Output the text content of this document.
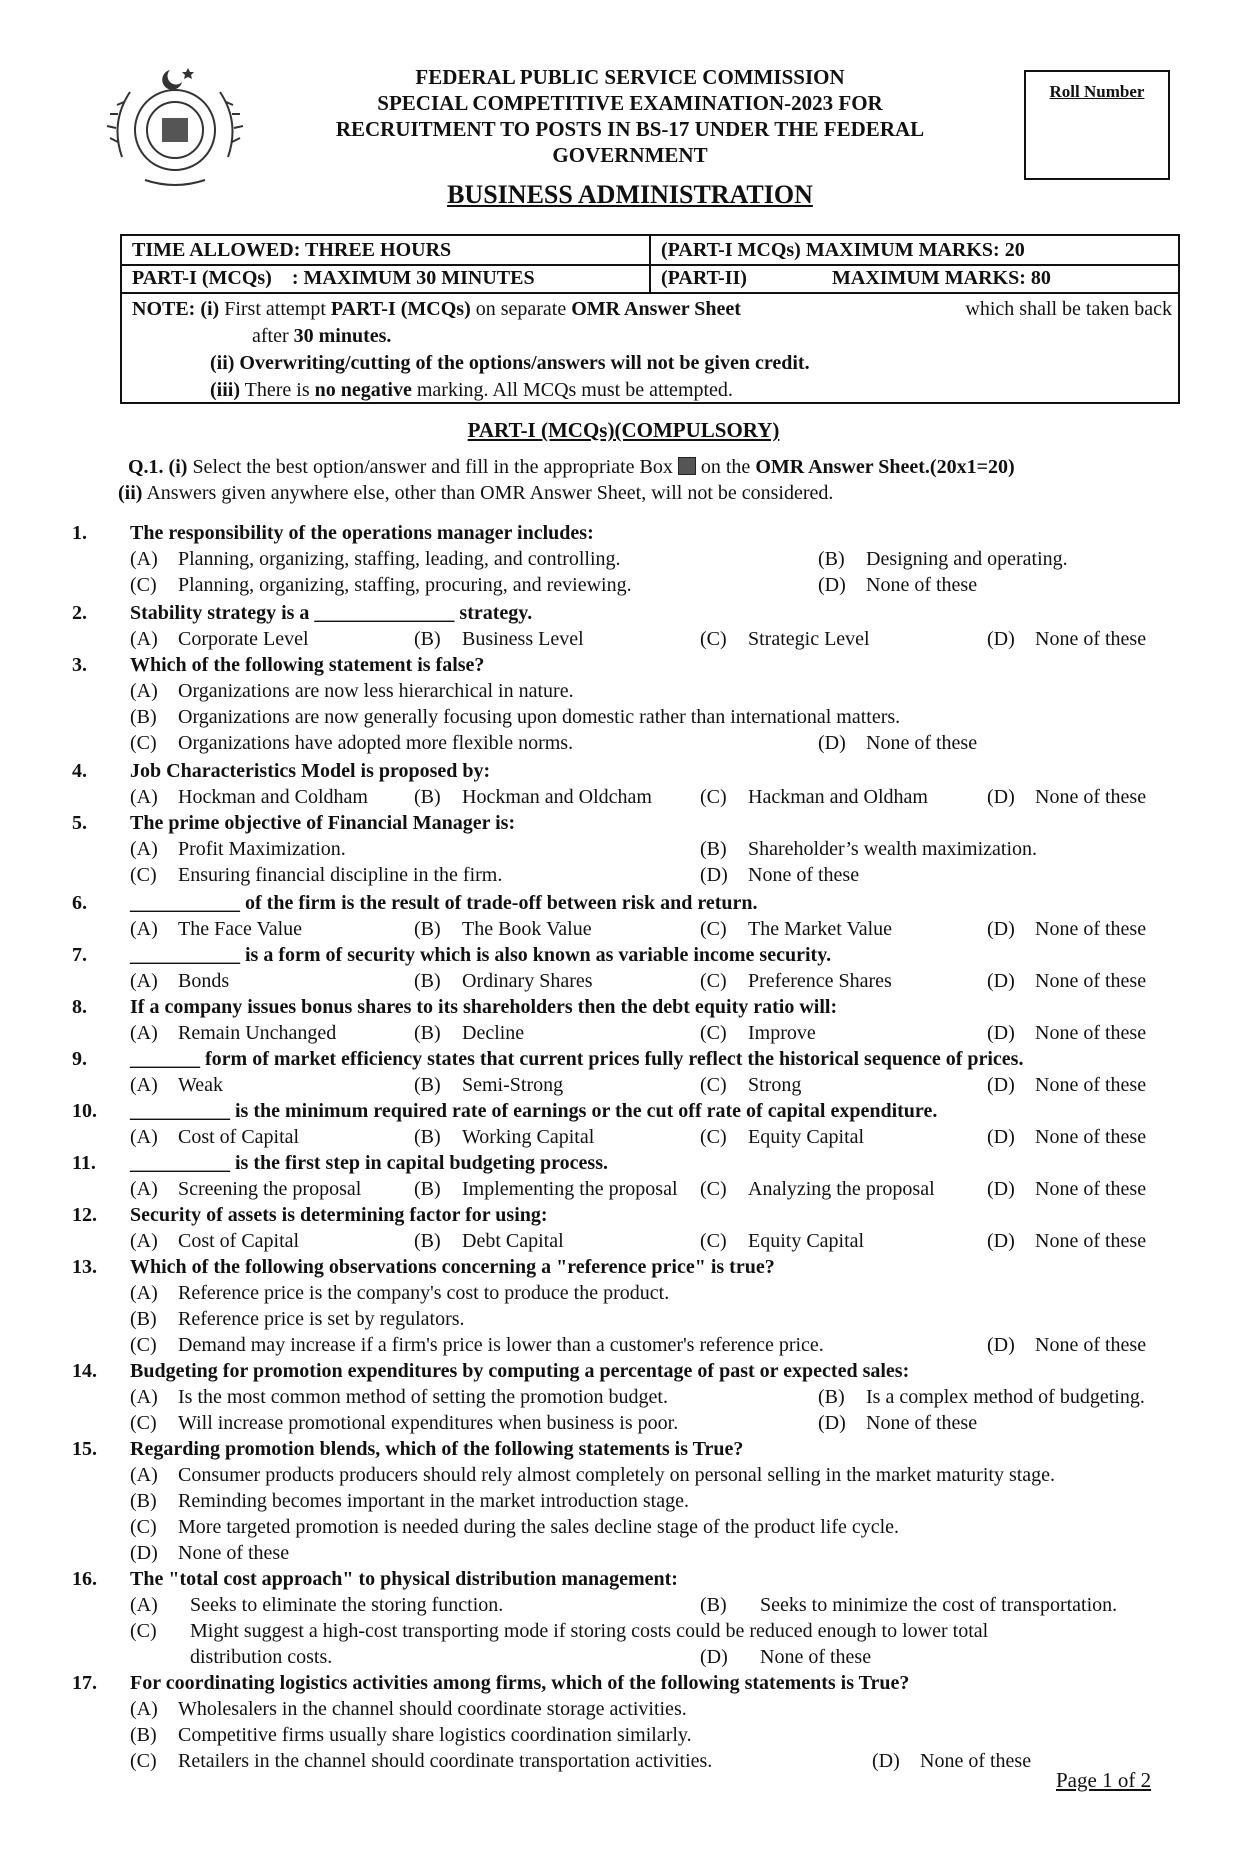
FEDERAL PUBLIC SERVICE COMMISSION
SPECIAL COMPETITIVE EXAMINATION-2023 FOR
RECRUITMENT TO POSTS IN BS-17 UNDER THE FEDERAL
GOVERNMENT
BUSINESS ADMINISTRATION
Roll Number
TIME ALLOWED: THREE HOURS	(PART-I MCQs) MAXIMUM MARKS: 20
PART-I (MCQs)    : MAXIMUM 30 MINUTES	(PART-II)	MAXIMUM MARKS: 80
NOTE: (i) First attempt PART-I (MCQs) on separate OMR Answer Sheet	which shall be taken back
after 30 minutes.
(ii) Overwriting/cutting of the options/answers will not be given credit.
(iii) There is no negative marking. All MCQs must be attempted.
PART-I (MCQs)(COMPULSORY)
Q.1. (i) Select the best option/answer and fill in the appropriate Box on the OMR Answer Sheet.(20x1=20)
(ii) Answers given anywhere else, other than OMR Answer Sheet, will not be considered.
1. The responsibility of the operations manager includes:
(A)	Planning, organizing, staffing, leading, and controlling.	(B)	Designing and operating.
(C)	Planning, organizing, staffing, procuring, and reviewing.	(D)	None of these
2. Stability strategy is a ______________ strategy.
(A)	Corporate Level	(B)	Business Level	(C)	Strategic Level	(D)	None of these
3. Which of the following statement is false?
(A)	Organizations are now less hierarchical in nature.
(B)	Organizations are now generally focusing upon domestic rather than international matters.
(C)	Organizations have adopted more flexible norms.	(D)	None of these
4. Job Characteristics Model is proposed by:
(A)	Hockman and Coldham (B)	Hockman and Oldcham (C)	Hackman and Oldham	(D)	None of these
5. The prime objective of Financial Manager is:
(A)	Profit Maximization.	(B)	Shareholder’s wealth maximization.
(C)	Ensuring financial discipline in the firm.	(D)	None of these
6. ___________ of the firm is the result of trade-off between risk and return.
(A)	The Face Value	(B)	The Book Value	(C)	The Market Value	(D)	None of these
7. ___________ is a form of security which is also known as variable income security.
(A)	Bonds	(B)	Ordinary Shares	(C)	Preference Shares	(D)	None of these
8. If a company issues bonus shares to its shareholders then the debt equity ratio will:
(A)	Remain Unchanged	(B)	Decline	(C)	Improve	(D)	None of these
9. _______ form of market efficiency states that current prices fully reflect the historical sequence of prices.
(A)	Weak	(B)	Semi-Strong	(C)	Strong	(D)	None of these
10. __________ is the minimum required rate of earnings or the cut off rate of capital expenditure.
(A)	Cost of Capital	(B)	Working Capital	(C)	Equity Capital	(D)	None of these
11. __________ is the first step in capital budgeting process.
(A)	Screening the proposal	(B)	Implementing the proposal (C)	Analyzing the proposal	(D)	None of these
12. Security of assets is determining factor for using:
(A)	Cost of Capital	(B)	Debt Capital	(C)	Equity Capital	(D)	None of these
13. Which of the following observations concerning a "reference price" is true?
(A)	Reference price is the company's cost to produce the product.
(B)	Reference price is set by regulators.
(C)	Demand may increase if a firm's price is lower than a customer's reference price.	(D)	None of these
14. Budgeting for promotion expenditures by computing a percentage of past or expected sales:
(A)	Is the most common method of setting the promotion budget.	(B)	Is a complex method of budgeting.
(C)	Will increase promotional expenditures when business is poor.	(D)	None of these
15. Regarding promotion blends, which of the following statements is True?
(A)	Consumer products producers should rely almost completely on personal selling in the market maturity stage.
(B)	Reminding becomes important in the market introduction stage.
(C)	More targeted promotion is needed during the sales decline stage of the product life cycle.
(D)	None of these
16. The "total cost approach" to physical distribution management:
(A)	Seeks to eliminate the storing function.	(B)	Seeks to minimize the cost of transportation.
(C)	Might suggest a high-cost transporting mode if storing costs could be reduced enough to lower total
distribution costs.	(D)	None of these
17. For coordinating logistics activities among firms, which of the following statements is True?
(A)	Wholesalers in the channel should coordinate storage activities.
(B)	Competitive firms usually share logistics coordination similarly.
(C)	Retailers in the channel should coordinate transportation activities.	(D)	None of these
Page 1 of 2
